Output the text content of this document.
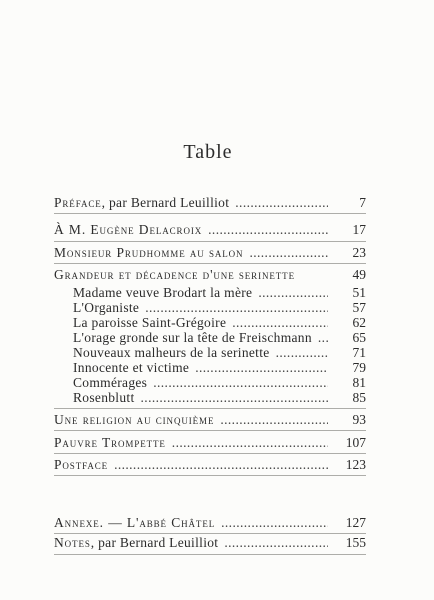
Table
Préface , par Bernard Leuilliot .....	7
À M. Eugène Delacroix .....	17
Monsieur Prudhomme au salon .....	23
Grandeur et décadence d'une serinette	49
Madame veuve Brodart la mère .....	51
L'Organiste .....	57
La paroisse Saint-Grégoire .....	62
L'orage gronde sur la tête de Freischmann .....	65
Nouveaux malheurs de la serinette .....	71
Innocente et victime .....	79
Commérages .....	81
Rosenblutt .....	85
Une religion au cinquième .....	93
Pauvre Trompette .....	107
Postface .....	123
Annexe. — L'abbé Châtel .....	127
Notes , par Bernard Leuilliot .....	155
